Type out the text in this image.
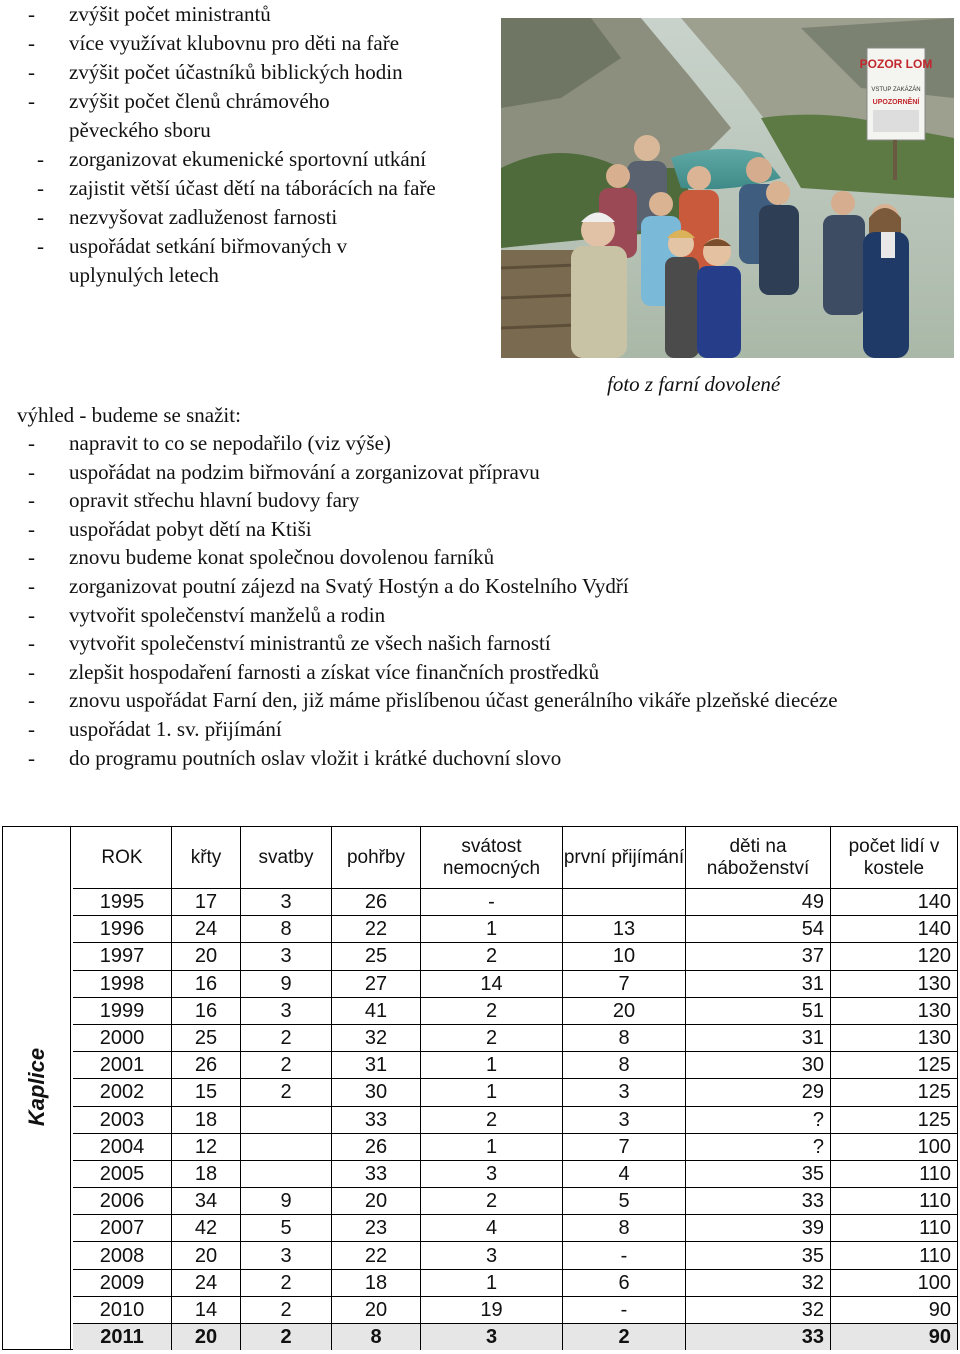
-	zvýšit počet ministrantů
-	více využívat klubovnu pro děti na faře
-	zvýšit počet účastníků biblických hodin
-	zvýšit počet členů chrámového pěveckého sboru
-	zorganizovat ekumenické sportovní utkání
-	zajistit větší účast dětí na táborácích na faře
-	nezvyšovat zadluženost farnosti
-	uspořádat setkání biřmovaných v uplynulých letech
POZOR LOM
VSTUP ZAKÁZÁN
UPOZORNĚNÍ
foto z farní dovolené
výhled - budeme se snažit:
-	napravit to co se nepodařilo (viz výše)
-	uspořádat na podzim biřmování a zorganizovat přípravu
-	opravit střechu hlavní budovy fary
-	uspořádat pobyt dětí na Ktiši
-	znovu budeme konat společnou dovolenou farníků
-	zorganizovat poutní zájezd na Svatý Hostýn a do Kostelního Vydří
-	vytvořit společenství manželů a rodin
-	vytvořit společenství ministrantů ze všech našich farností
-	zlepšit hospodaření farnosti a získat více finančních prostředků
-	znovu uspořádat Farní den, již máme přislíbenou účast generálního vikáře plzeňské diecéze
-	uspořádat 1. sv. přijímání
-	do programu poutních oslav vložit i krátké duchovní slovo
Kaplice
ROK	křty	svatby	pohřby	svátost nemocných	první přijímání	děti na náboženství	počet lidí v kostele
1995	17	3	26	-		49	140
1996	24	8	22	1	13	54	140
1997	20	3	25	2	10	37	120
1998	16	9	27	14	7	31	130
1999	16	3	41	2	20	51	130
2000	25	2	32	2	8	31	130
2001	26	2	31	1	8	30	125
2002	15	2	30	1	3	29	125
2003	18		33	2	3	?	125
2004	12		26	1	7	?	100
2005	18		33	3	4	35	110
2006	34	9	20	2	5	33	110
2007	42	5	23	4	8	39	110
2008	20	3	22	3	-	35	110
2009	24	2	18	1	6	32	100
2010	14	2	20	19	-	32	90
2011	20	2	8	3	2	33	90
